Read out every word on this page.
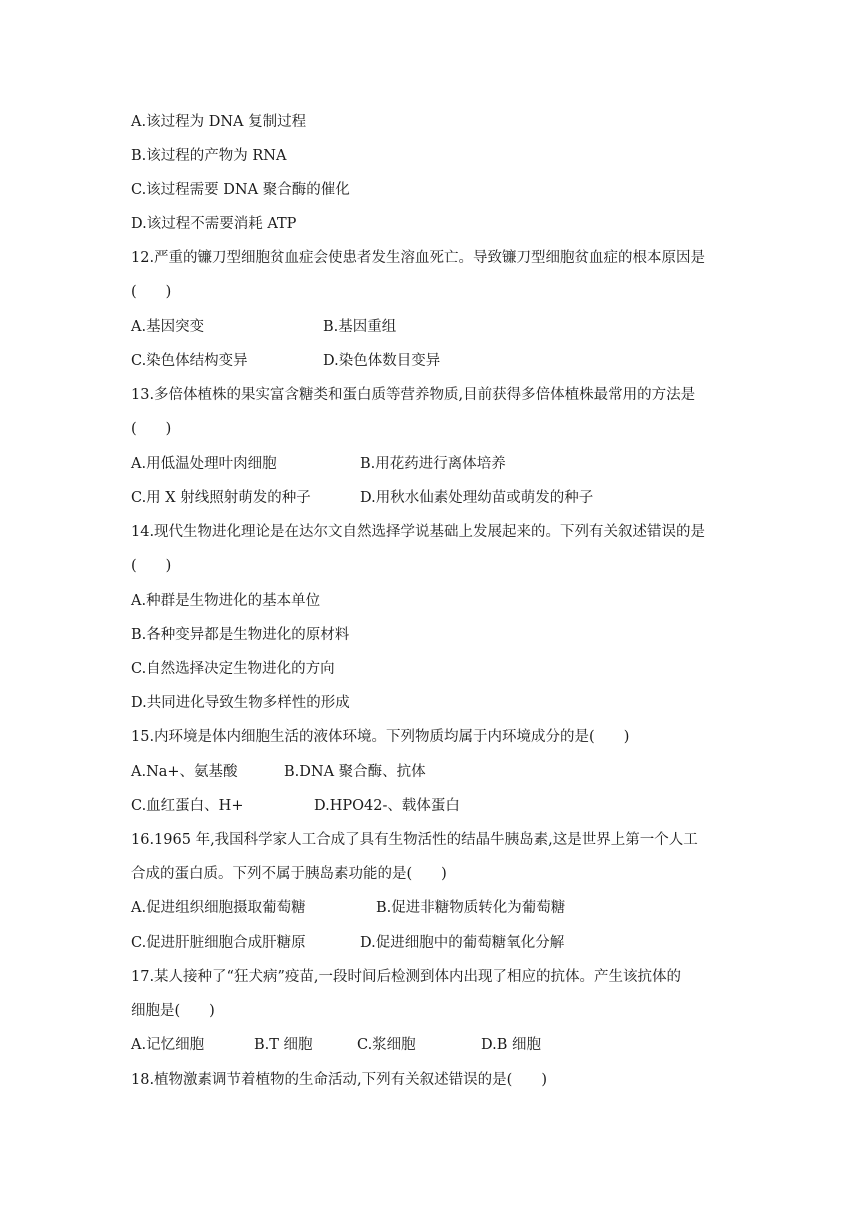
A.该过程为 DNA 复制过程
B.该过程的产物为 RNA
C.该过程需要 DNA 聚合酶的催化
D.该过程不需要消耗 ATP
12.严重的镰刀型细胞贫血症会使患者发生溶血死亡。导致镰刀型细胞贫血症的根本原因是
(　　)
A.基因突变	B.基因重组
C.染色体结构变异	D.染色体数目变异
13.多倍体植株的果实富含糖类和蛋白质等营养物质,目前获得多倍体植株最常用的方法是
(　　)
A.用低温处理叶肉细胞	B.用花药进行离体培养
C.用 X 射线照射萌发的种子	D.用秋水仙素处理幼苗或萌发的种子
14.现代生物进化理论是在达尔文自然选择学说基础上发展起来的。下列有关叙述错误的是
(　　)
A.种群是生物进化的基本单位
B.各种变异都是生物进化的原材料
C.自然选择决定生物进化的方向
D.共同进化导致生物多样性的形成
15.内环境是体内细胞生活的液体环境。下列物质均属于内环境成分的是(　　)
A.Na+、氨基酸	B.DNA 聚合酶、抗体
C.血红蛋白、H+	D.HPO42-、载体蛋白
16.1965 年,我国科学家人工合成了具有生物活性的结晶牛胰岛素,这是世界上第一个人工
合成的蛋白质。下列不属于胰岛素功能的是(　　)
A.促进组织细胞摄取葡萄糖	B.促进非糖物质转化为葡萄糖
C.促进肝脏细胞合成肝糖原	D.促进细胞中的葡萄糖氧化分解
17.某人接种了“狂犬病”疫苗,一段时间后检测到体内出现了相应的抗体。产生该抗体的
细胞是(　　)
A.记忆细胞	B.T 细胞	C.浆细胞	D.B 细胞
18.植物激素调节着植物的生命活动,下列有关叙述错误的是(　　)
